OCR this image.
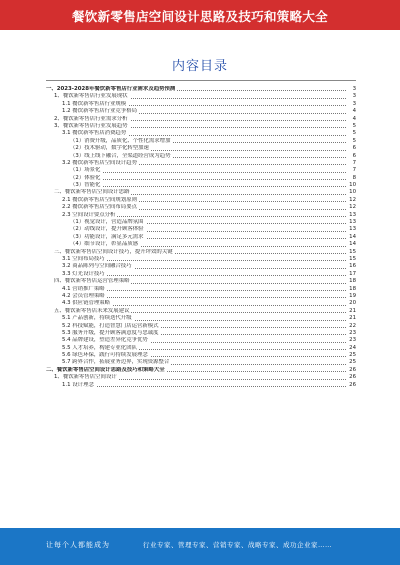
餐饮新零售店空间设计思路及技巧和策略大全
内容目录
一、2023-2028年餐饮新零售店行业需求及趋势预测	3
1、餐饮新零售店行业发展现状	3
1.1 餐饮新零售店行业规模	3
1.2 餐饮新零售店行业竞争格局	4
2、餐饮新零售店行业需求分析	4
3、餐饮新零售店行业发展趋势	5
3.1 餐饮新零售店消费趋势	5
（1）消费升级，品质化、个性化需求增加	5
（2）技术驱动，数字化转型加速	6
（3）线上线下融合，全渠道经营成为趋势	6
3.2 餐饮新零售店空间设计趋势	7
（1）场景化	7
（2）体验化	8
（3）智能化	10
二、餐饮新零售店空间设计思路	10
2.1 餐饮新零售店空间规划原则	12
2.2 餐饮新零售店空间布局要点	12
2.3 空间设计要点分析	13
（1）视觉设计，营造品牌氛围	13
（2）动线设计，提升顾客体验	13
（3）功能设计，满足多元需求	14
（4）细节设计，彰显品质感	14
三、餐饮新零售店空间设计技巧，提升坪效的关键	15
3.1 空间布局技巧	15
3.2 商品陈列与空间融合技巧	16
3.3 灯光设计技巧	17
四、餐饮新零售店运营管理策略	18
4.1 营销推广策略	18
4.2 会员管理策略	19
4.3 供应链管理策略	20
五、餐饮新零售店未来发展建议	21
5.1 产品创新，持续迭代升级	21
5.2 科技赋能，打造智慧门店运营新模式	22
5.3 服务升级，提升顾客满意度与忠诚度	23
5.4 品牌建设，塑造差异化竞争优势	23
5.5 人才培养，构建专业化团队	24
5.6 绿色环保，践行可持续发展理念	25
5.7 跨界合作，拓展业务边界，实现资源整合	25
二、餐饮新零售店空间设计思路及技巧和策略大全	26
1、餐饮新零售店空间设计	26
1.1 设计理念	26
让每个人都能成为	行业专家、管理专家、营销专家、战略专家、成功企业家……
